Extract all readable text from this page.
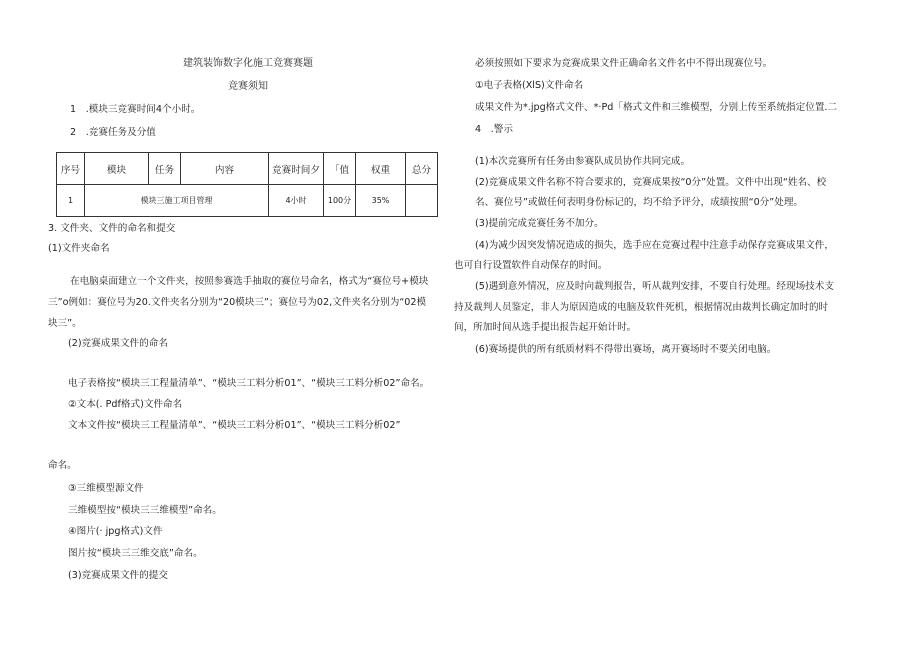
建筑装饰数字化施工竞赛赛题
竞赛须知
1　.模块三竞赛时间4个小时。
2　.竞赛任务及分值
序号	模块	任务	内容	竞赛时间夕	「值	权重	总分
1	模块三施工项目管理			4小时	100分	35%	
3. 文件夹、文件的命名和提交
(1)文件夹命名
在电脑桌面建立一个文件夹，按照参赛选手抽取的赛位号命名，格式为“赛位号+模块
三”o例如：赛位号为20.文件夹名分别为“20模块三”；赛位号为02,文件夹名分别为“02模
块三”。
(2)竞赛成果文件的命名
电子表格按“模块三工程量清单”、“模块三工料分析01”、“模块三工料分析02”命名。
②文本(. Pdf格式)文件命名
文本文件按“模块三工程量清单”、“模块三工料分析01”、“模块三工料分析02”
命名。
③三维模型源文件
三维模型按“模块三三维模型”命名。
④图片(· jpg格式)文件
图片按“模块三三维交底”命名。
(3)竞赛成果文件的提交
必须按照如下要求为竞赛成果文件正确命名文件名中不得出现赛位号。
①电子表格(XlS)文件命名
成果文件为*.jpg格式文件、*·Pd「格式文件和三维模型，分别上传至系统指定位置.二
4　.警示
(1)本次竞赛所有任务由参赛队成员协作共同完成。
(2)竞赛成果文件名称不符合要求的，竞赛成果按“0分”处置。文件中出现“姓名、校
名、赛位号”或做任何表明身份标记的，均不给予评分，成绩按照“0分”处理。
(3)提前完成竞赛任务不加分。
(4)为减少因突发情况造成的损失，选手应在竞赛过程中注意手动保存竞赛成果文件，
也可自行设置软件自动保存的时间。
(5)遇到意外情况，应及时向裁判报告，听从裁判安排，不要自行处理。经现场技术支
持及裁判人员鉴定，非人为原因造成的电脑及软件死机，根据情况由裁判长确定加时的时
间，所加时间从选手提出报告起开始计时。
(6)赛场提供的所有纸质材料不得带出赛场，离开赛场时不要关闭电脑。
